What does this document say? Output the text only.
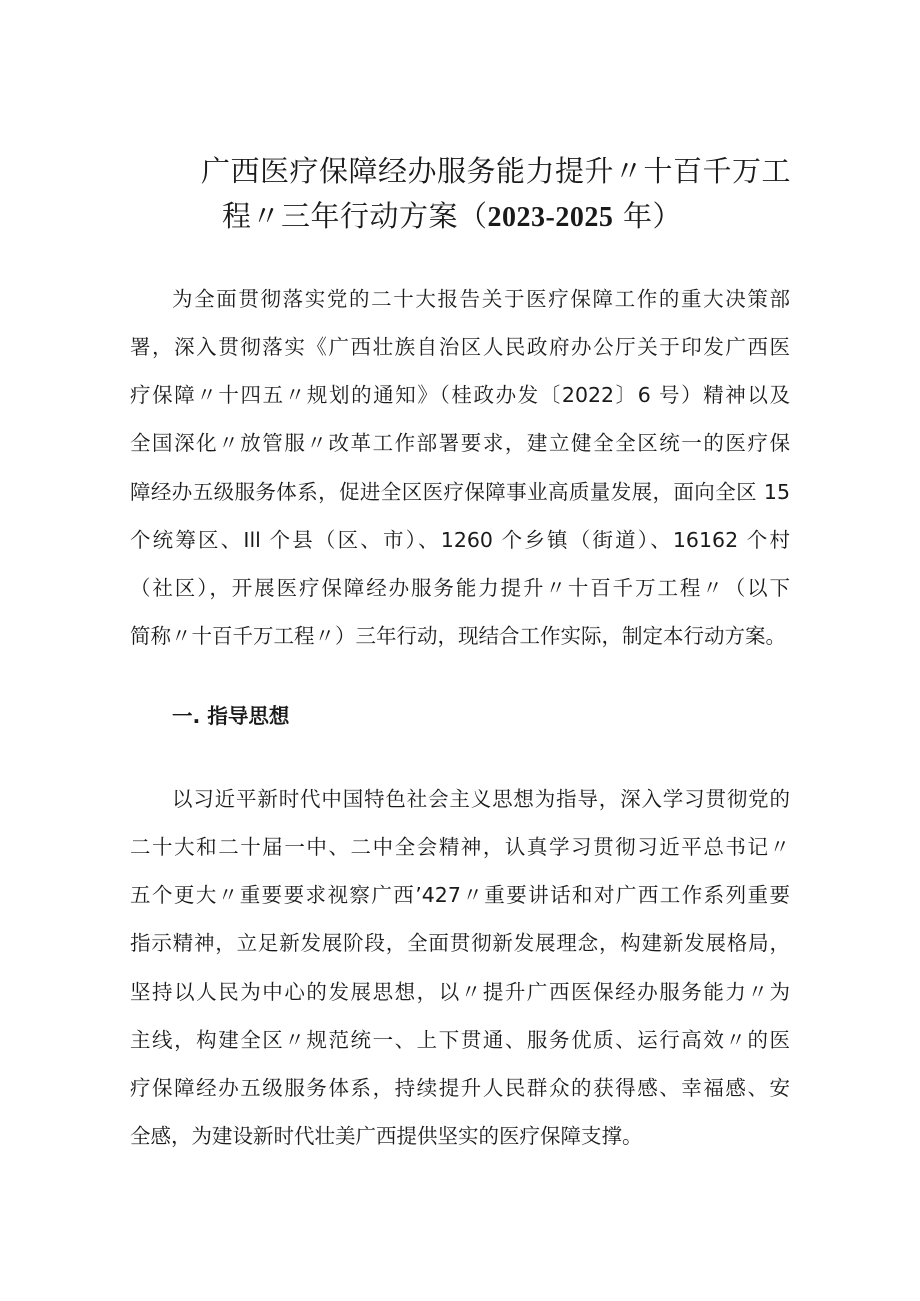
广西医疗保障经办服务能力提升〃十百千万工
程〃三年行动方案（2023-2025 年）

为全面贯彻落实党的二十大报告关于医疗保障工作的重大决策部

署，深入贯彻落实《广西壮族自治区人民政府办公厅关于印发广西医

疗保障〃十四五〃规划的通知》（桂政办发〔2022〕6 号）精神以及

全国深化〃放管服〃改革工作部署要求，建立健全全区统一的医疗保

障经办五级服务体系，促进全区医疗保障事业高质量发展，面向全区 15

个统筹区、Ill 个县（区、市）、1260 个乡镇（街道）、16162 个村

（社区），开展医疗保障经办服务能力提升〃十百千万工程〃（以下

简称〃十百千万工程〃）三年行动，现结合工作实际，制定本行动方案。

一. 指导思想

以习近平新时代中国特色社会主义思想为指导，深入学习贯彻党的

二十大和二十届一中、二中全会精神，认真学习贯彻习近平总书记〃

五个更大〃重要要求视察广西’427〃重要讲话和对广西工作系列重要

指示精神，立足新发展阶段，全面贯彻新发展理念，构建新发展格局，

坚持以人民为中心的发展思想，以〃提升广西医保经办服务能力〃为

主线，构建全区〃规范统一、上下贯通、服务优质、运行高效〃的医

疗保障经办五级服务体系，持续提升人民群众的获得感、幸福感、安

全感，为建设新时代壮美广西提供坚实的医疗保障支撑。
